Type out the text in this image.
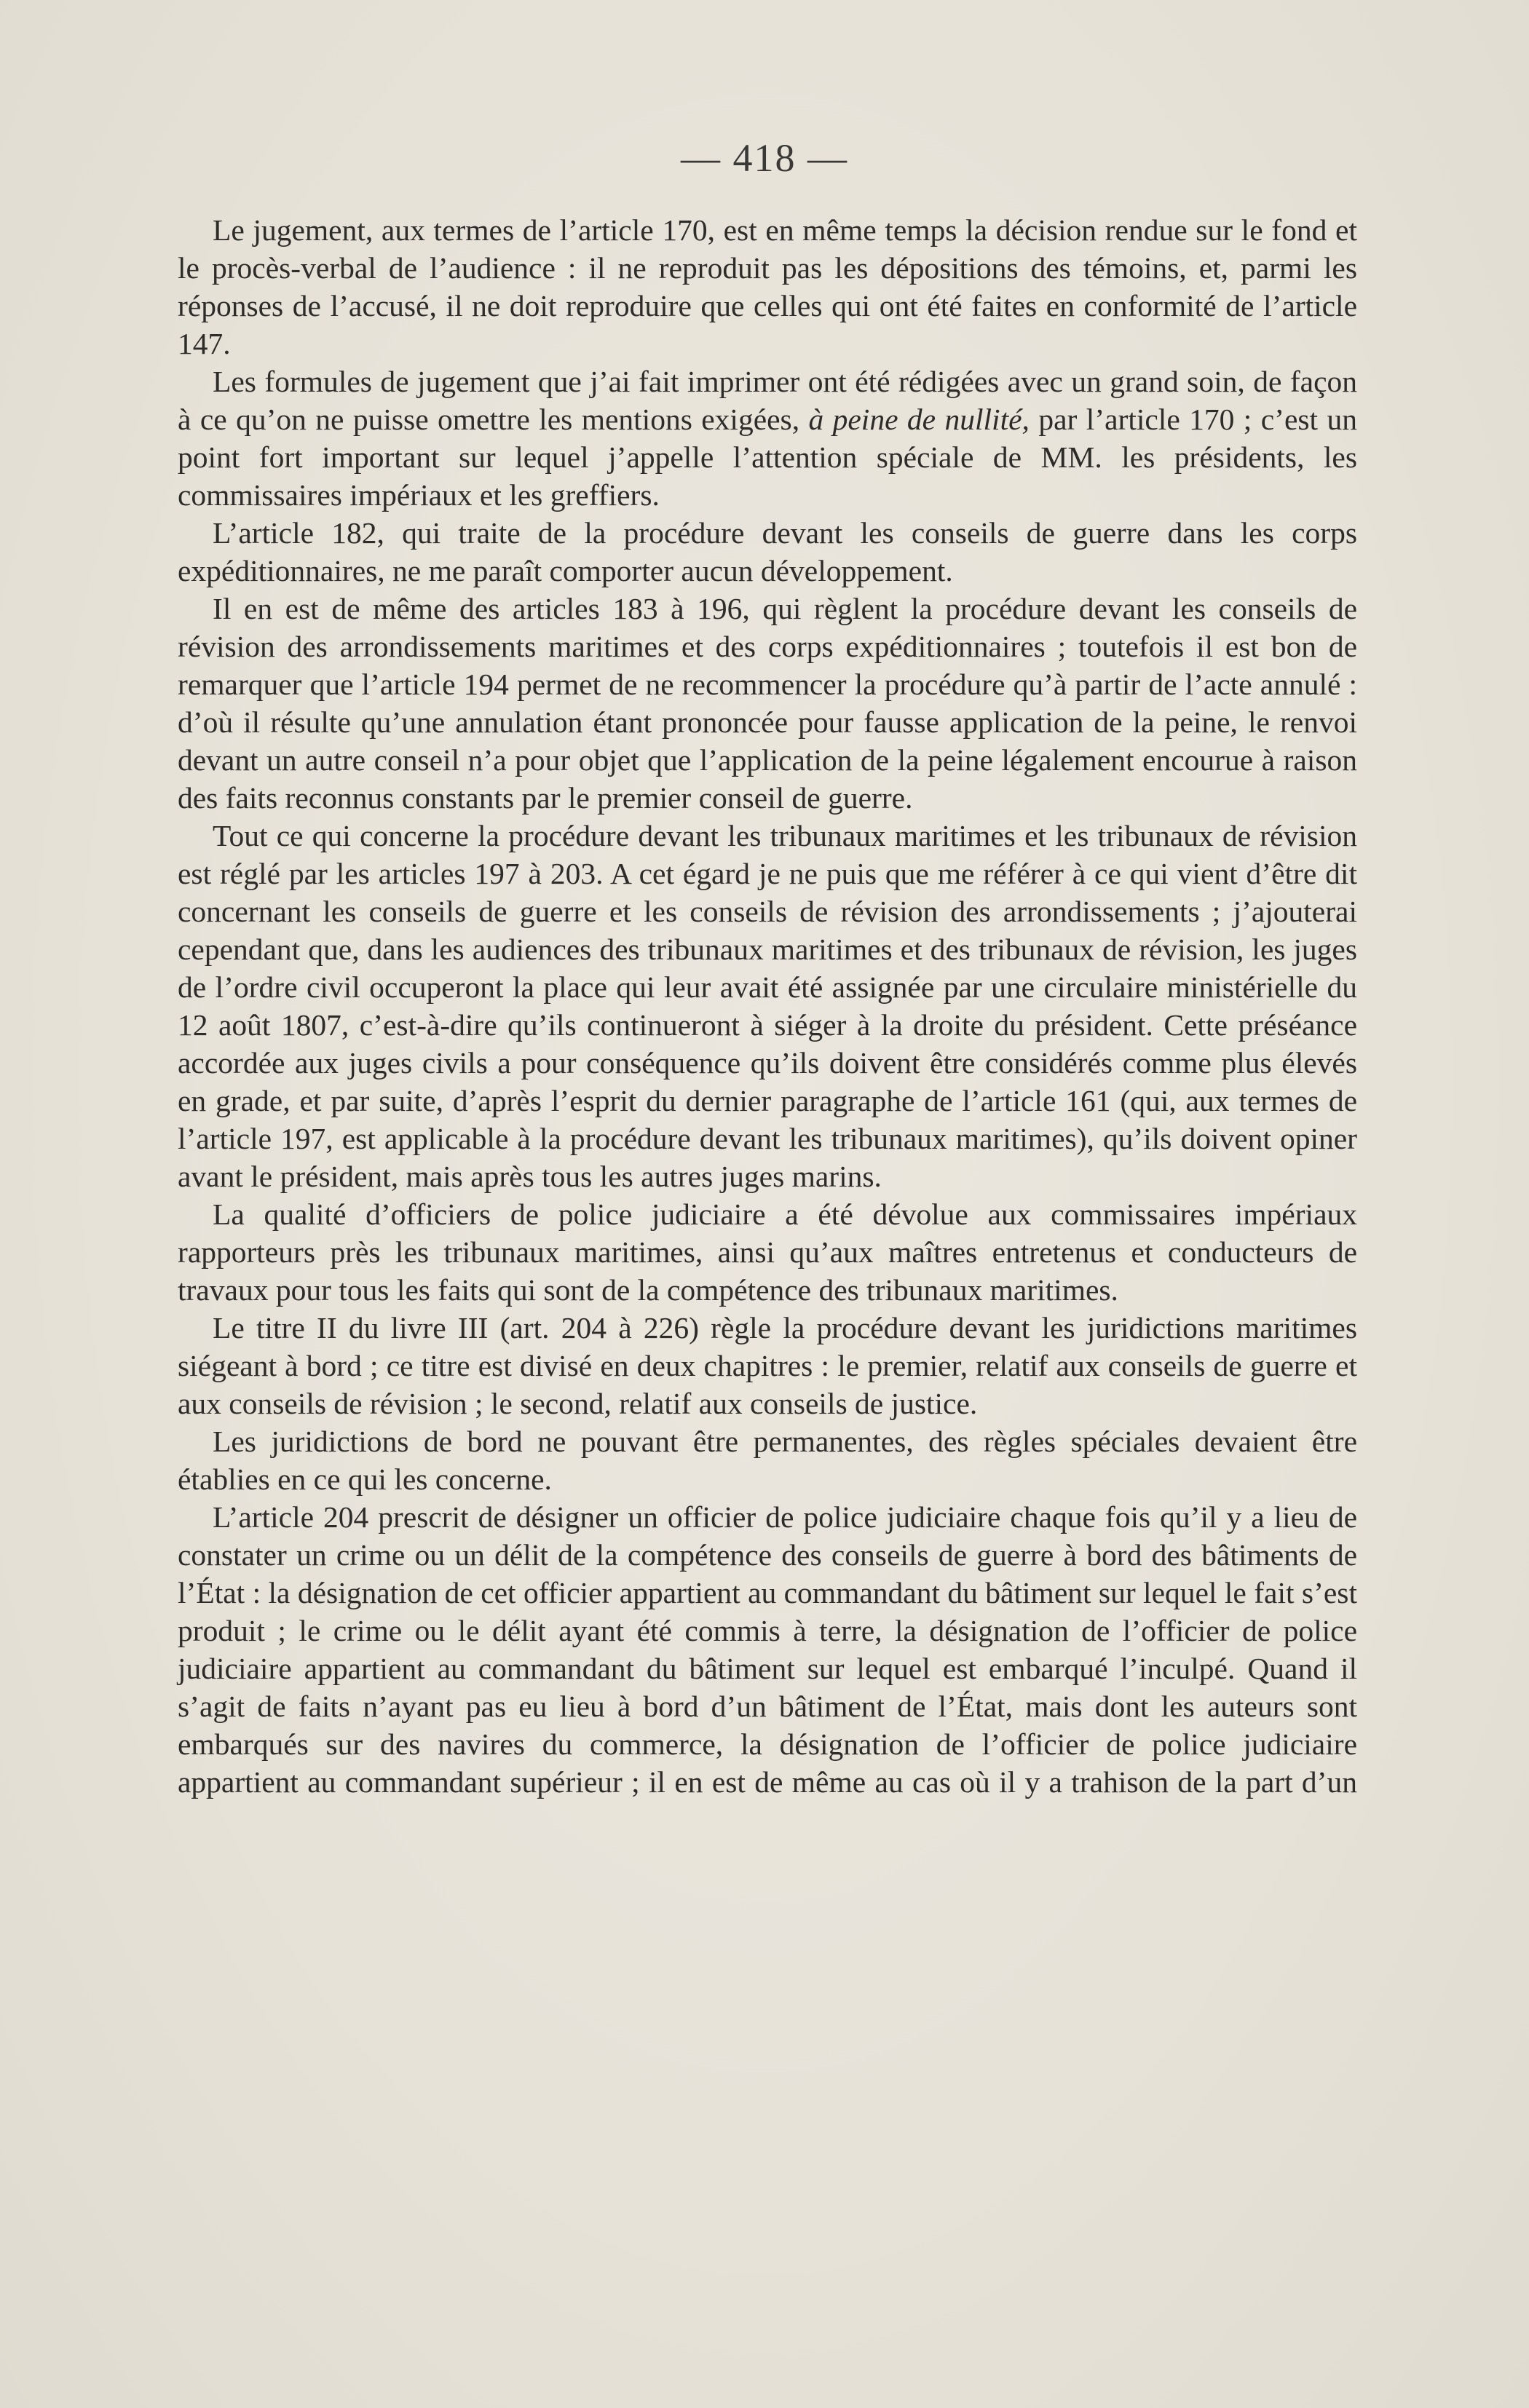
— 418 —

Le jugement, aux termes de l’article 170, est en même temps la décision rendue sur le fond et le procès-verbal de l’audience : il ne reproduit pas les dépositions des témoins, et, parmi les réponses de l’accusé, il ne doit reproduire que celles qui ont été faites en conformité de l’article 147.

Les formules de jugement que j’ai fait imprimer ont été rédigées avec un grand soin, de façon à ce qu’on ne puisse omettre les mentions exigées, à peine de nullité, par l’article 170 ; c’est un point fort important sur lequel j’appelle l’attention spéciale de MM. les présidents, les commissaires impériaux et les greffiers.

L’article 182, qui traite de la procédure devant les conseils de guerre dans les corps expéditionnaires, ne me paraît comporter aucun développement.

Il en est de même des articles 183 à 196, qui règlent la procédure devant les conseils de révision des arrondissements maritimes et des corps expéditionnaires ; toutefois il est bon de remarquer que l’article 194 permet de ne recommencer la procédure qu’à partir de l’acte annulé : d’où il résulte qu’une annulation étant prononcée pour fausse application de la peine, le renvoi devant un autre conseil n’a pour objet que l’application de la peine légalement encourue à raison des faits reconnus constants par le premier conseil de guerre.

Tout ce qui concerne la procédure devant les tribunaux maritimes et les tribunaux de révision est réglé par les articles 197 à 203. A cet égard je ne puis que me référer à ce qui vient d’être dit concernant les conseils de guerre et les conseils de révision des arrondissements ; j’ajouterai cependant que, dans les audiences des tribunaux maritimes et des tribunaux de révision, les juges de l’ordre civil occuperont la place qui leur avait été assignée par une circulaire ministérielle du 12 août 1807, c’est-à-dire qu’ils continueront à siéger à la droite du président. Cette préséance accordée aux juges civils a pour conséquence qu’ils doivent être considérés comme plus élevés en grade, et par suite, d’après l’esprit du dernier paragraphe de l’article 161 (qui, aux termes de l’article 197, est applicable à la procédure devant les tribunaux maritimes), qu’ils doivent opiner avant le président, mais après tous les autres juges marins.

La qualité d’officiers de police judiciaire a été dévolue aux commissaires impériaux rapporteurs près les tribunaux maritimes, ainsi qu’aux maîtres entretenus et conducteurs de travaux pour tous les faits qui sont de la compétence des tribunaux maritimes.

Le titre II du livre III (art. 204 à 226) règle la procédure devant les juridictions maritimes siégeant à bord ; ce titre est divisé en deux chapitres : le premier, relatif aux conseils de guerre et aux conseils de révision ; le second, relatif aux conseils de justice.

Les juridictions de bord ne pouvant être permanentes, des règles spéciales devaient être établies en ce qui les concerne.

L’article 204 prescrit de désigner un officier de police judiciaire chaque fois qu’il y a lieu de constater un crime ou un délit de la compétence des conseils de guerre à bord des bâtiments de l’État : la désignation de cet officier appartient au commandant du bâtiment sur lequel le fait s’est produit ; le crime ou le délit ayant été commis à terre, la désignation de l’officier de police judiciaire appartient au commandant du bâtiment sur lequel est embarqué l’inculpé. Quand il s’agit de faits n’ayant pas eu lieu à bord d’un bâtiment de l’État, mais dont les auteurs sont embarqués sur des navires du commerce, la désignation de l’officier de police judiciaire appartient au commandant supérieur ; il en est de même au cas où il y a trahison de la part d’un
